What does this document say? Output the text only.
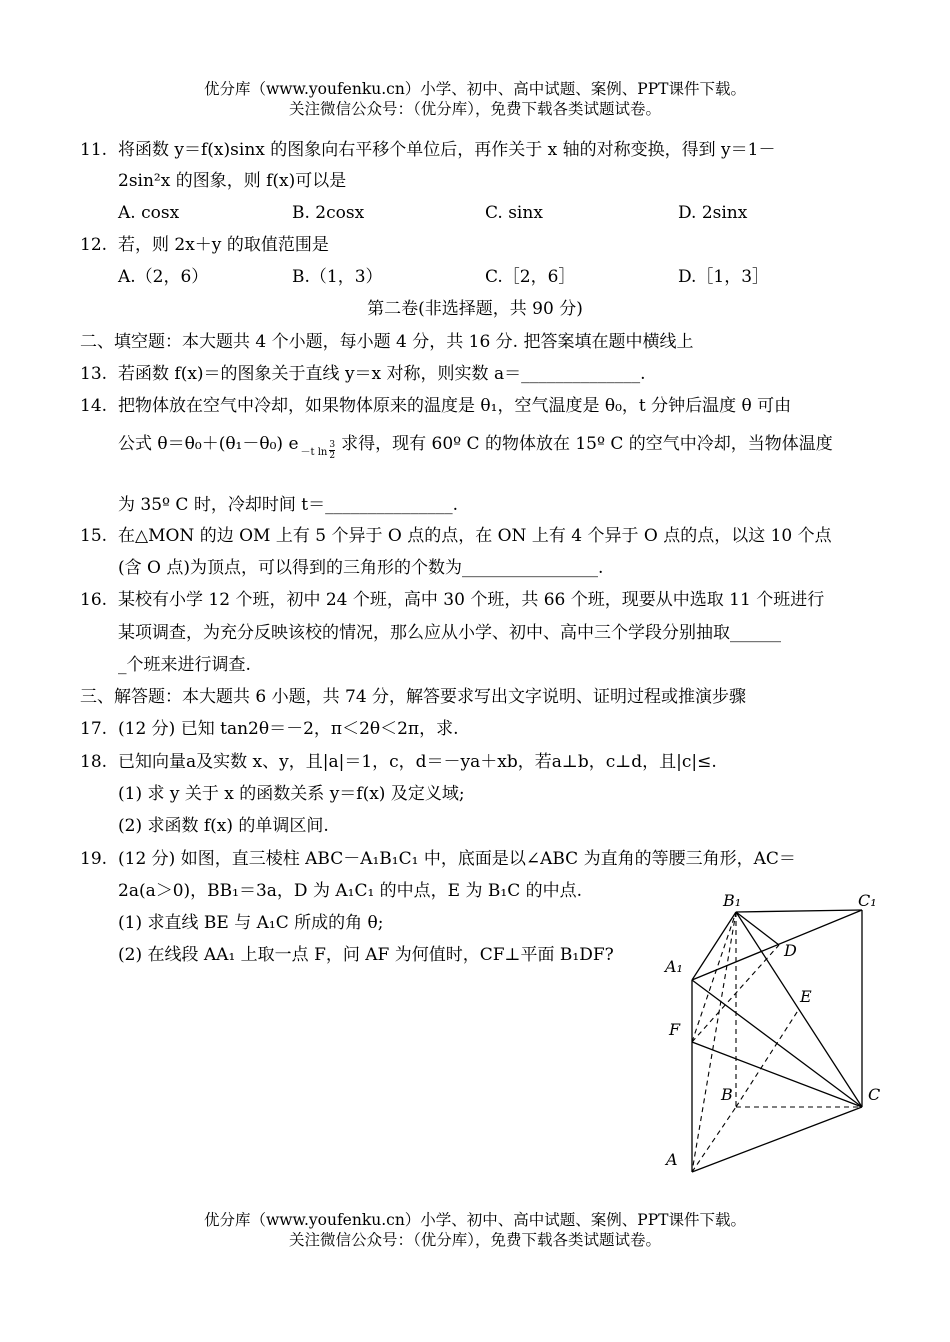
优分库（www.youfenku.cn）小学、初中、高中试题、案例、PPT课件下载。
关注微信公众号：（优分库），免费下载各类试题试卷。
11. 将函数 y＝f(x)sinx 的图象向右平移个单位后，再作关于 x 轴的对称变换，得到 y＝1－
2sin²x 的图象，则 f(x)可以是
A. cosx	B. 2cosx	C. sinx	D. 2sinx
12. 若，则 2x＋y 的取值范围是
A.（2，6）	B.（1，3）	C.［2，6］	D.［1，3］
第二卷(非选择题，共 90 分)
二、填空题：本大题共 4 个小题，每小题 4 分，共 16 分. 把答案填在题中横线上
13. 若函数 f(x)＝的图象关于直线 y＝x 对称，则实数 a＝______________.
14. 把物体放在空气中冷却，如果物体原来的温度是 θ₁，空气温度是 θ₀，t 分钟后温度 θ 可由
公式 θ＝θ₀＋(θ₁－θ₀) e $_{-t ln} \frac{3}{2}$ 求得，现有 60º C 的物体放在 15º C 的空气中冷却，当物体温度
为 35º C 时，冷却时间 t＝_______________.
15. 在△MON 的边 OM 上有 5 个异于 O 点的点，在 ON 上有 4 个异于 O 点的点，以这 10 个点
(含 O 点)为顶点，可以得到的三角形的个数为________________.
16. 某校有小学 12 个班，初中 24 个班，高中 30 个班，共 66 个班，现要从中选取 11 个班进行
某项调查，为充分反映该校的情况，那么应从小学、初中、高中三个学段分别抽取______
_个班来进行调查.
三、解答题：本大题共 6 小题，共 74 分，解答要求写出文字说明、证明过程或推演步骤
17. (12 分) 已知 tan2θ＝－2，π＜2θ＜2π，求.
18. 已知向量a及实数 x、y，且|a|＝1，c，d＝－ya＋xb，若a⊥b，c⊥d，且|c|≤.
(1) 求 y 关于 x 的函数关系 y＝f(x) 及定义域;
(2) 求函数 f(x) 的单调区间.
19. (12 分) 如图，直三棱柱 ABC－A₁B₁C₁ 中，底面是以∠ABC 为直角的等腰三角形，AC＝
2a(a＞0)，BB₁＝3a，D 为 A₁C₁ 的中点，E 为 B₁C 的中点.
(1) 求直线 BE 与 A₁C 所成的角 θ;
(2) 在线段 AA₁ 上取一点 F，问 AF 为何值时，CF⊥平面 B₁DF?
B₁	C₁
A₁
D
E
F
B	C
A
优分库（www.youfenku.cn）小学、初中、高中试题、案例、PPT课件下载。
关注微信公众号：（优分库），免费下载各类试题试卷。
